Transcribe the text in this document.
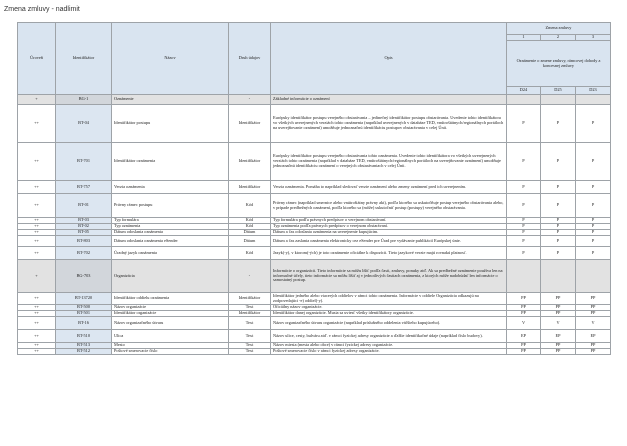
Zmena zmluvy - nadlimit
Úroveň	Identifikátor	Názov	Druh údajov	Opis	Zmena zmluvy		
					1	2	3
					Oznámenie o zmene zmluvy, rámcovej dohody a koncesnej zmluvy		
					D24	D25	D23
+	BG-1	Oznámenie	-	Základné informácie o oznámení			
++	BT-04	Identifikátor postupu	Identifikátor	Európsky identifikátor postupu verejného obstarávania – jedinečný identifikátor postupu obstarávania. Uvedenie tohto identifikátora vo všetkých uverejnených verziách tohto oznámenia (napríklad uverejnených v databáze TED, vnútroštátnych/regionálnych portáloch na uverejňovanie oznámení) umožňuje jednoznačnú identifikáciu postupov obstarávania v celej Únii.	P	P	P
++	BT-701	Identifikátor oznámenia	Identifikátor	Európsky identifikátor postupu verejného obstarávania tohto oznámenia. Uvedenie tohto identifikátora vo všetkých uverejnených verziách tohto oznámenia (napríklad v databáze TED, vnútroštátnych/regionálnych portáloch na uverejňovanie oznámení) umožňuje jednoznačnú identifikáciu oznámení o verejných obstarávaniach v celej Únii.	P	P	P
++	BT-757	Verzia oznámenia	Identifikátor	Verzia oznámenia. Pomáha to napríklad sledovať verzie oznámení alebo zmeny oznámení pred ich uverejnením.	P	P	P
++	BT-01	Právny rámec postupu	Kód	Právny rámec (napríklad smernice alebo vnútroštátny právny akt), podľa ktorého sa uskutočňuje postup verejného obstarávania alebo, v prípade predbežných oznámení, podľa ktorého sa (môže) uskutočniť postup (postupy) verejného obstarávania.	P	P	P
++	BT-03	Typ formulára	Kód	Typ formulára podľa právnych predpisov o verejnom obstarávaní.	P	P	P
++	BT-02	Typ oznámenia	Kód	Typ oznámenia podľa právnych predpisov o verejnom obstarávaní.	P	P	P
++	BT-05	Dátum odoslania oznámenia	Dátum	Dátum a čas odoslania oznámenia na uverejnenie kupujúcim.	P	P	P
++	BT-803	Dátum odoslania oznámenia eSender	Dátum	Dátum a čas zaslania oznámenia elektronicky cez eSender pre Úrad pre vydávanie publikácií Európskej únie.	P	P	P
++	BT-702	Úradný jazyk oznámenia	Kód	Jazyk(-y), v ktorom(-ých) je toto oznámenie oficiálne k dispozícii. Tieto jazykové verzie majú rovnakú platnosť.	P	P	P
+	BG-703	Organizácia	-	Informácie o organizácii. Tieto informácie sa môžu líšiť podľa časti, zmluvy, ponuky atď. Ak sa predbežné oznámenie používa len na informačné účely, tieto informácie sa môžu líšiť aj v jednotlivých častiach oznámenia, z ktorých môže nadobúdať len informácie o samostatný postup.			
++	BT-13720	Identifikátor oddielu oznámenia	Identifikátor	Identifikátor jedného alebo viacerých oddielov v rámci tohto oznámenia. Informácie v oddiele Organizácia odkazujú na zodpovedajúci -e) oddiel(-y).	PP	PP	PP
++	BT-500	Názov organizácie	Text	Oficiálny názov organizácie.	PP	PP	PP
++	BT-501	Identifikátor organizácie	Identifikátor	Identifikátor danej organizácie. Musia sa uviesť všetky identifikátory organizácie.	PP	PP	PP
++	BT-16	Názov organizačného útvaru	Text	Názov organizačného útvaru organizácie (napríklad príslušného oddelenia väčšieho kupujúceho).	V	V	V
++	BT-510	Ulica	Text	Názov ulice, cesty, bulváru atď. v rámci fyzickej adresy organizácie a ďalšie identifikačné údaje (napríklad číslo budovy).	EP	EP	EP
++	BT-513	Mesto	Text	Názov miesta (mesta alebo obce) v rámci fyzickej adresy organizácie.	PP	PP	PP
++	BT-512	Poštové smerovacie číslo	Text	Poštové smerovacie číslo v rámci fyzickej adresy organizácie.	PP	PP	PP
